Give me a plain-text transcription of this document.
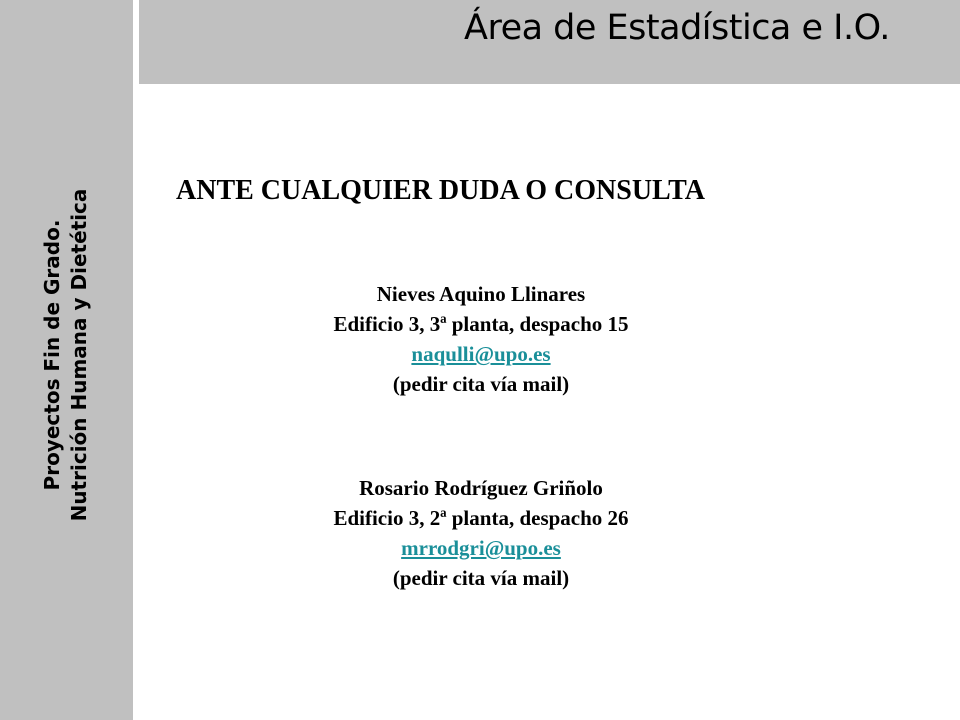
Proyectos Fin de Grado. Nutrición Humana y Dietética
Área de Estadística e I.O.
ANTE CUALQUIER DUDA O CONSULTA
Nieves Aquino Llinares
Edificio 3, 3ª planta, despacho 15
naqulli@upo.es
(pedir cita vía mail)
Rosario Rodríguez Griñolo
Edificio 3, 2ª planta, despacho 26
mrrodgri@upo.es
(pedir cita vía mail)
